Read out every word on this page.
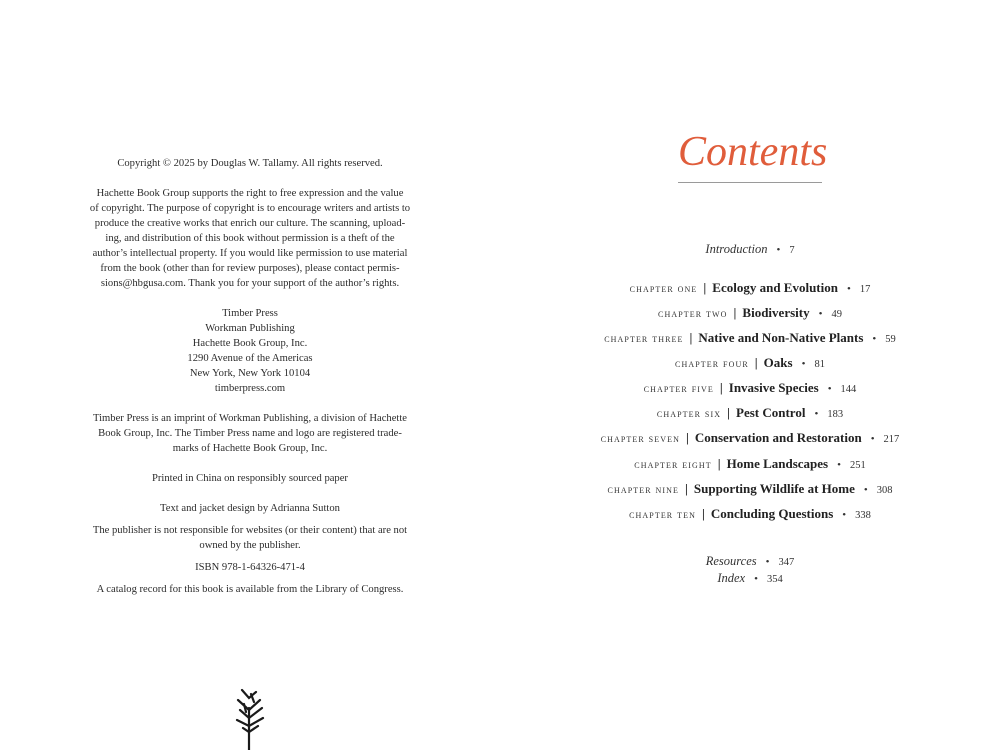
Copyright © 2025 by Douglas W. Tallamy. All rights reserved.

Hachette Book Group supports the right to free expression and the value
of copyright. The purpose of copyright is to encourage writers and artists to
produce the creative works that enrich our culture. The scanning, upload-
ing, and distribution of this book without permission is a theft of the
author’s intellectual property. If you would like permission to use material
from the book (other than for review purposes), please contact permis-
sions@hbgusa.com. Thank you for your support of the author’s rights.

Timber Press
Workman Publishing
Hachette Book Group, Inc.
1290 Avenue of the Americas
New York, New York 10104
timberpress.com

Timber Press is an imprint of Workman Publishing, a division of Hachette
Book Group, Inc. The Timber Press name and logo are registered trade-
marks of Hachette Book Group, Inc.

Printed in China on responsibly sourced paper

Text and jacket design by Adrianna Sutton

The publisher is not responsible for websites (or their content) that are not
owned by the publisher.

ISBN 978-1-64326-471-4

A catalog record for this book is available from the Library of Congress.

Contents
Introduction • 7
chapter one | Ecology and Evolution • 17
chapter two | Biodiversity • 49
chapter three | Native and Non-Native Plants • 59
chapter four | Oaks • 81
chapter five | Invasive Species • 144
chapter six | Pest Control • 183
chapter seven | Conservation and Restoration • 217
chapter eight | Home Landscapes • 251
chapter nine | Supporting Wildlife at Home • 308
chapter ten | Concluding Questions • 338
Resources • 347
Index • 354
